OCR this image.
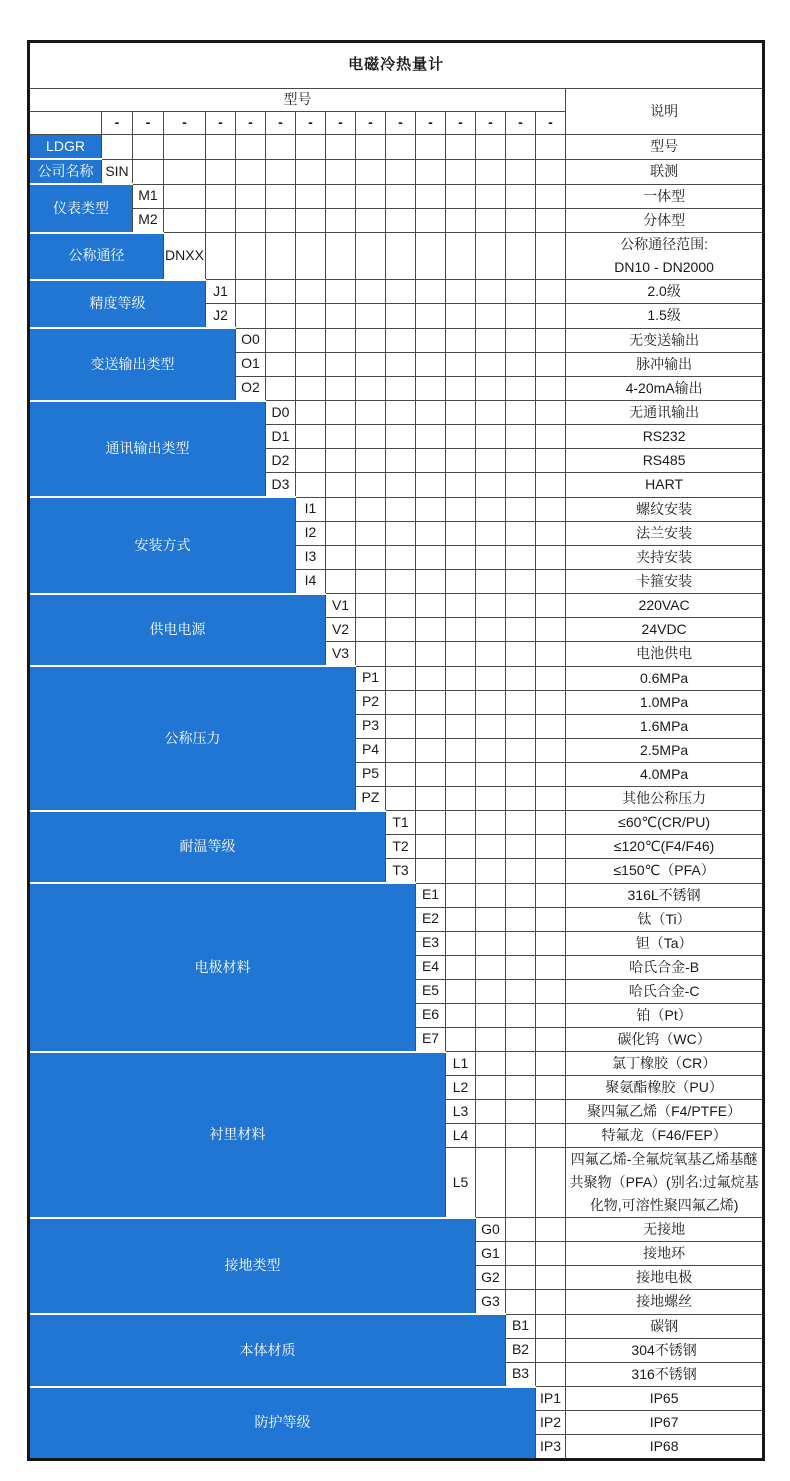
电磁冷热量计																
型号																说明
	-	-	-	-	-	-	-	-	-	-	-	-	-	-	-	
LDGR																型号
公司名称	SIN															联测
仪表类型		M1														一体型
		M2														分体型
公称通径			DNXX													公称通径范围:
DN10 - DN2000

精度等级				J1												2.0级
				J2												1.5级
变送输出类型					O0											无变送输出
					O1											脉冲输出
					O2											4-20mA输出
通讯输出类型						D0										无通讯输出
						D1										RS232
						D2										RS485
						D3										HART
安装方式							I1									螺纹安装
							I2									法兰安装
							I3									夹持安装
							I4									卡箍安装
供电电源								V1								220VAC
								V2								24VDC
								V3								电池供电
公称压力									P1							0.6MPa
									P2							1.0MPa
									P3							1.6MPa
									P4							2.5MPa
									P5							4.0MPa
									PZ							其他公称压力
耐温等级										T1						≤60℃(CR/PU)
										T2						≤120℃(F4/F46)
										T3						≤150℃（PFA）
电极材料											E1					316L不锈钢
											E2					钛（Ti）
											E3					钽（Ta）
											E4					哈氏合金-B
											E5					哈氏合金-C
											E6					铂（Pt）
											E7					碳化钨（WC）
衬里材料												L1				氯丁橡胶（CR）
												L2				聚氨酯橡胶（PU）
												L3				聚四氟乙烯（F4/PTFE）
												L4				特氟龙（F46/FEP）
												L5				四氟乙烯-全氟烷氧基乙烯基醚共聚物（PFA）(别名:过氟烷基化物,可溶性聚四氟乙烯)
接地类型													G0			无接地
													G1			接地环
													G2			接地电极
													G3			接地螺丝
本体材质														B1		碳钢
														B2		304不锈钢
														B3		316不锈钢
防护等级															IP1	IP65
															IP2	IP67
															IP3	IP68
